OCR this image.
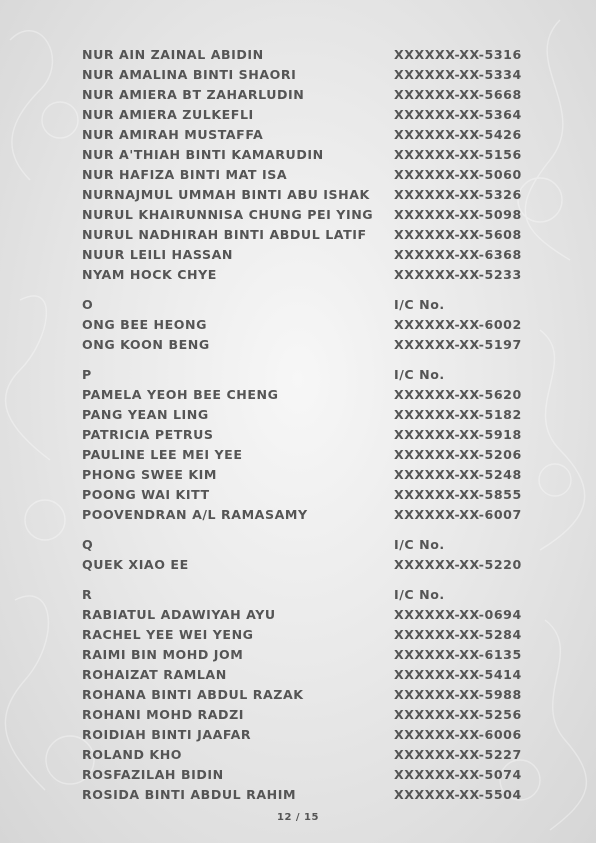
NUR AIN ZAINAL ABIDIN	XXXXXX-XX-5316
NUR AMALINA BINTI SHAORI	XXXXXX-XX-5334
NUR AMIERA BT ZAHARLUDIN	XXXXXX-XX-5668
NUR AMIERA ZULKEFLI	XXXXXX-XX-5364
NUR AMIRAH MUSTAFFA	XXXXXX-XX-5426
NUR A'THIAH BINTI KAMARUDIN	XXXXXX-XX-5156
NUR HAFIZA BINTI MAT ISA	XXXXXX-XX-5060
NURNAJMUL UMMAH BINTI ABU ISHAK XXXXXX-XX-5326
NURUL KHAIRUNNISA CHUNG PEI YING XXXXXX-XX-5098
NURUL NADHIRAH BINTI ABDUL LATIF XXXXXX-XX-5608
NUUR LEILI HASSAN	XXXXXX-XX-6368
NYAM HOCK CHYE	XXXXXX-XX-5233
O	I/C No.
ONG BEE HEONG	XXXXXX-XX-6002
ONG KOON BENG	XXXXXX-XX-5197
P	I/C No.
PAMELA YEOH BEE CHENG	XXXXXX-XX-5620
PANG YEAN LING	XXXXXX-XX-5182
PATRICIA PETRUS	XXXXXX-XX-5918
PAULINE LEE MEI YEE	XXXXXX-XX-5206
PHONG SWEE KIM	XXXXXX-XX-5248
POONG WAI KITT	XXXXXX-XX-5855
POOVENDRAN A/L RAMASAMY	XXXXXX-XX-6007
Q	I/C No.
QUEK XIAO EE	XXXXXX-XX-5220
R	I/C No.
RABIATUL ADAWIYAH AYU	XXXXXX-XX-0694
RACHEL YEE WEI YENG	XXXXXX-XX-5284
RAIMI BIN MOHD JOM	XXXXXX-XX-6135
ROHAIZAT RAMLAN	XXXXXX-XX-5414
ROHANA BINTI ABDUL RAZAK	XXXXXX-XX-5988
ROHANI MOHD RADZI	XXXXXX-XX-5256
ROIDIAH BINTI JAAFAR	XXXXXX-XX-6006
ROLAND KHO	XXXXXX-XX-5227
ROSFAZILAH BIDIN	XXXXXX-XX-5074
ROSIDA BINTI ABDUL RAHIM	XXXXXX-XX-5504
12 / 15
